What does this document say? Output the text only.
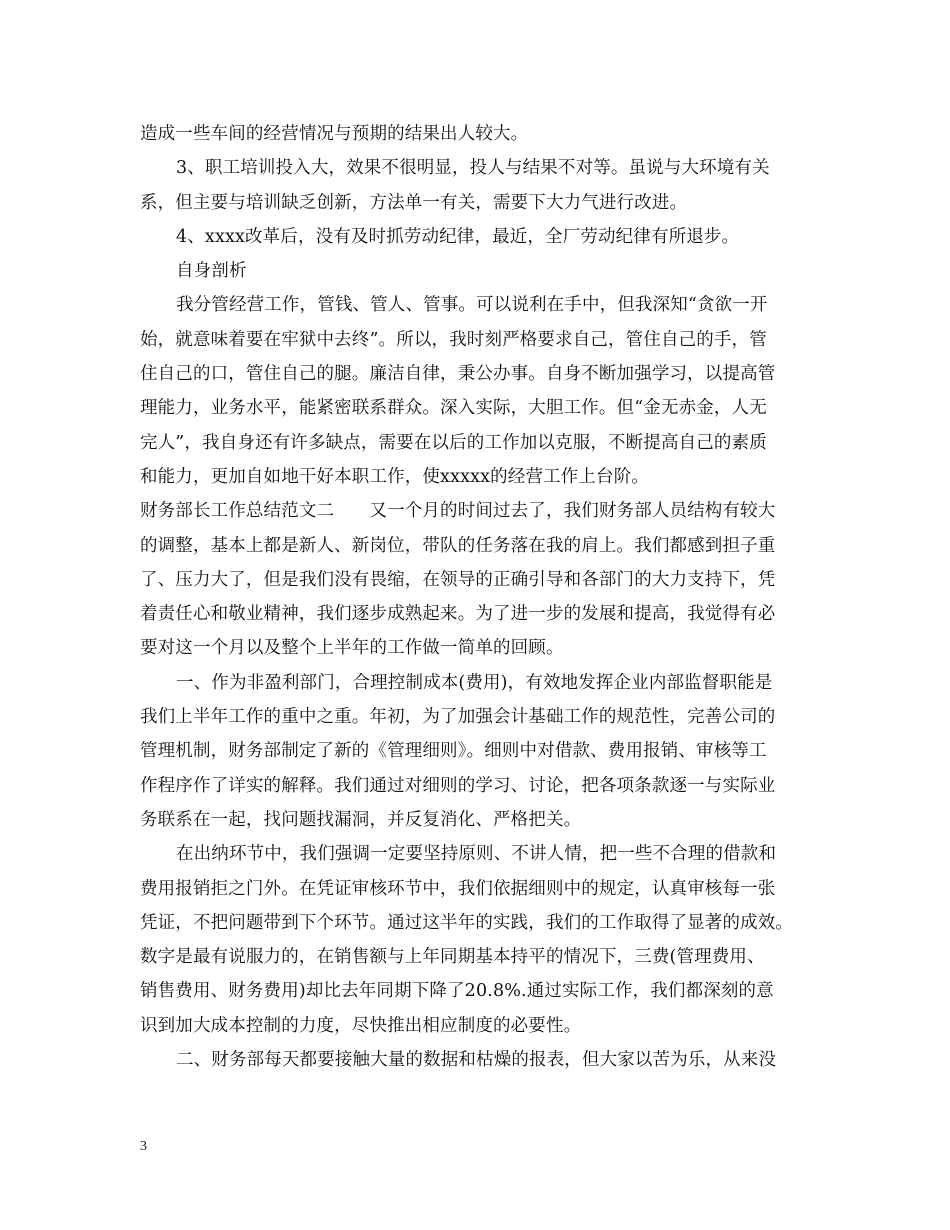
造成一些车间的经营情况与预期的结果出人较大。
3、职工培训投入大，效果不很明显，投人与结果不对等。虽说与大环境有关
系，但主要与培训缺乏创新，方法单一有关，需要下大力气进行改进。
4、xxxx改革后，没有及时抓劳动纪律，最近，全厂劳动纪律有所退步。
自身剖析
我分管经营工作，管钱、管人、管事。可以说利在手中，但我深知“贪欲一开
始，就意味着要在牢狱中去终”。所以，我时刻严格要求自己，管住自己的手，管
住自己的口，管住自己的腿。廉洁自律，秉公办事。自身不断加强学习，以提高管
理能力，业务水平，能紧密联系群众。深入实际，大胆工作。但“金无赤金，人无
完人”，我自身还有许多缺点，需要在以后的工作加以克服，不断提高自己的素质
和能力，更加自如地干好本职工作，使xxxxx的经营工作上台阶。
财务部长工作总结范文二　　又一个月的时间过去了，我们财务部人员结构有较大
的调整，基本上都是新人、新岗位，带队的任务落在我的肩上。我们都感到担子重
了、压力大了，但是我们没有畏缩，在领导的正确引导和各部门的大力支持下，凭
着责任心和敬业精神，我们逐步成熟起来。为了进一步的发展和提高，我觉得有必
要对这一个月以及整个上半年的工作做一简单的回顾。
一、作为非盈利部门，合理控制成本(费用)，有效地发挥企业内部监督职能是
我们上半年工作的重中之重。年初，为了加强会计基础工作的规范性，完善公司的
管理机制，财务部制定了新的《管理细则》。细则中对借款、费用报销、审核等工
作程序作了详实的解释。我们通过对细则的学习、讨论，把各项条款逐一与实际业
务联系在一起，找问题找漏洞，并反复消化、严格把关。
在出纳环节中，我们强调一定要坚持原则、不讲人情，把一些不合理的借款和
费用报销拒之门外。在凭证审核环节中，我们依据细则中的规定，认真审核每一张
凭证，不把问题带到下个环节。通过这半年的实践，我们的工作取得了显著的成效。
数字是最有说服力的，在销售额与上年同期基本持平的情况下，三费(管理费用、
销售费用、财务费用)却比去年同期下降了20.8%.通过实际工作，我们都深刻的意
识到加大成本控制的力度，尽快推出相应制度的必要性。
二、财务部每天都要接触大量的数据和枯燥的报表，但大家以苦为乐，从来没
3
